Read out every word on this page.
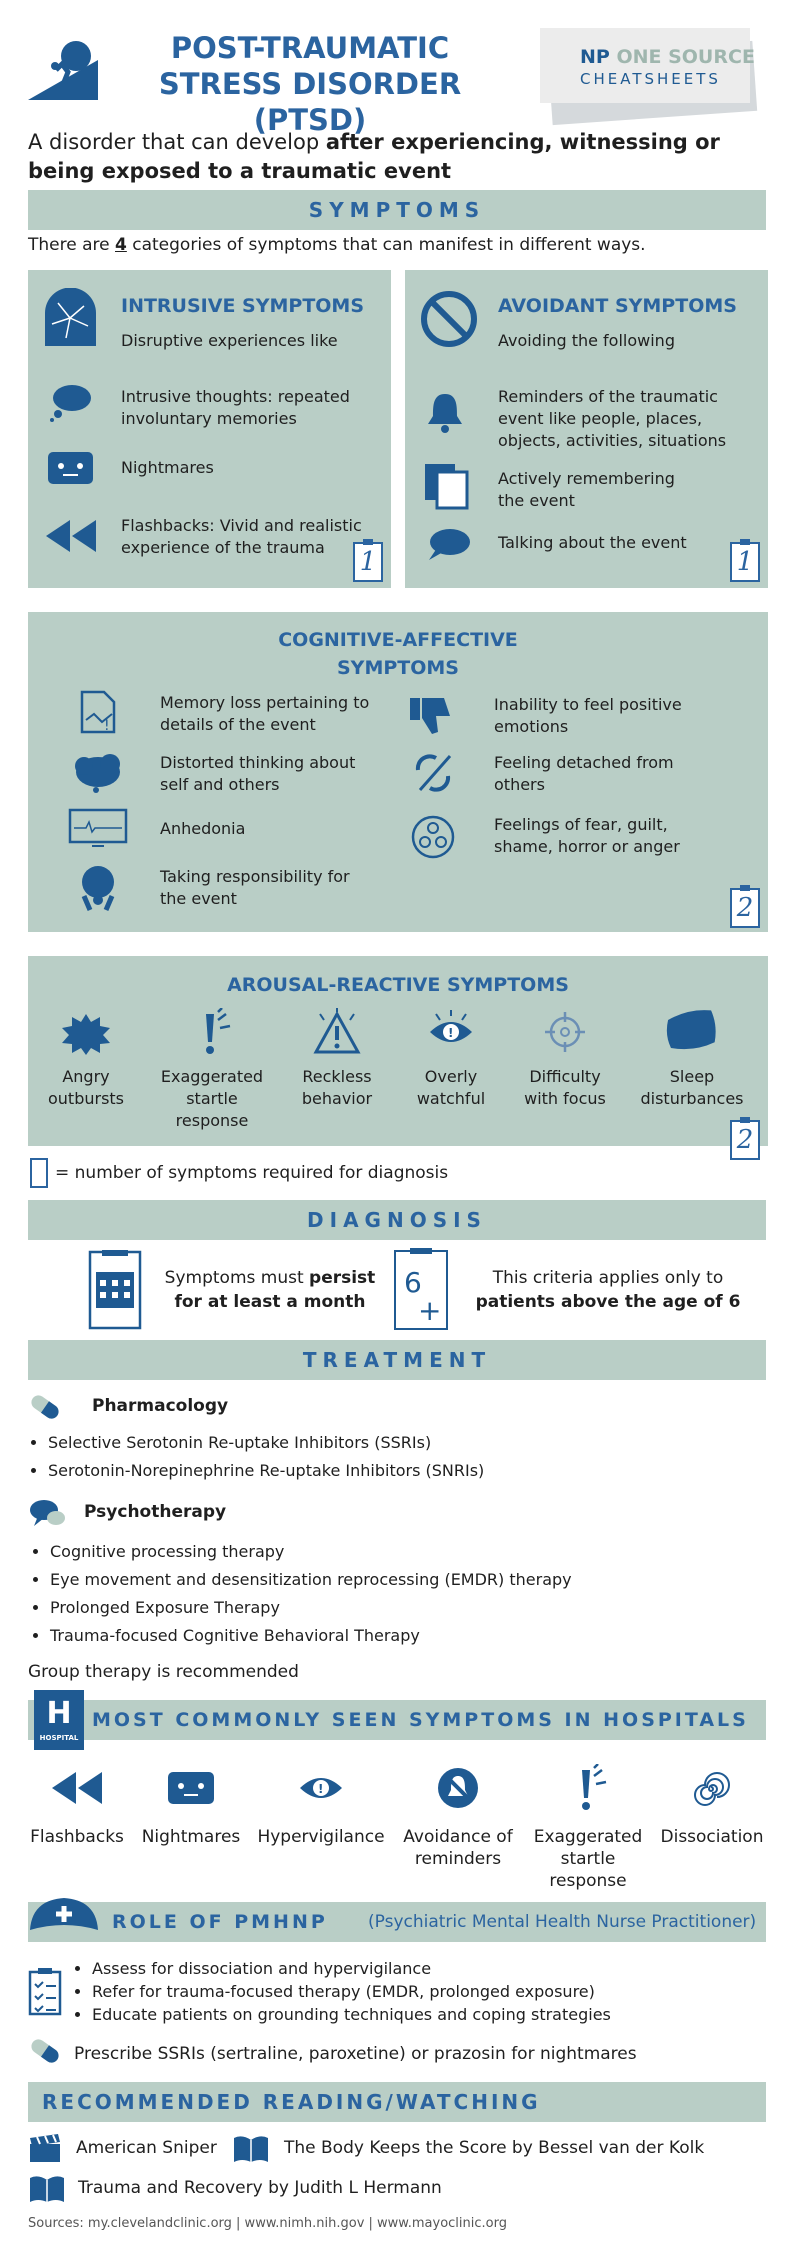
POST-TRAUMATIC
STRESS DISORDER (PTSD)
NP ONE SOURCE
CHEATSHEETS
A disorder that can develop after experiencing, witnessing or being exposed to a traumatic event
SYMPTOMS
There are 4 categories of symptoms that can manifest in different ways.
INTRUSIVE SYMPTOMS
Disruptive experiences like
Intrusive thoughts: repeated involuntary memories
Nightmares
Flashbacks: Vivid and realistic experience of the trauma	1
AVOIDANT SYMPTOMS
Avoiding the following
Reminders of the traumatic event like people, places, objects, activities, situations
Actively remembering the event
Talking about the event
1
COGNITIVE-AFFECTIVE
SYMPTOMS
!
Memory loss pertaining to details of the event
Distorted thinking about self and others
Anhedonia
Taking responsibility for the event
Inability to feel positive emotions
Feeling detached from others
Feelings of fear, guilt, shame, horror or anger
2
AROUSAL-REACTIVE SYMPTOMS
!
Angry outbursts
Exaggerated startle response
Reckless behavior
Overly watchful
Difficulty with focus
Sleep disturbances
2
= number of symptoms required for diagnosis
DIAGNOSIS
Symptoms must persist for at least a month
6
+
This criteria applies only to patients above the age of 6
TREATMENT
Pharmacology
• Selective Serotonin Re-uptake Inhibitors (SSRIs)
• Serotonin-Norepinephrine Re-uptake Inhibitors (SNRIs)
Psychotherapy
• Cognitive processing therapy
• Eye movement and desensitization reprocessing (EMDR) therapy
• Prolonged Exposure Therapy
• Trauma-focused Cognitive Behavioral Therapy
Group therapy is recommended
H
HOSPITAL
MOST COMMONLY SEEN SYMPTOMS IN HOSPITALS
!
Flashbacks	Nightmares	Hypervigilance	Avoidance of reminders
Exaggerated startle response
Dissociation
ROLE OF PMHNP (Psychiatric Mental Health Nurse Practitioner)
• Assess for dissociation and hypervigilance
• Refer for trauma-focused therapy (EMDR, prolonged exposure)
• Educate patients on grounding techniques and coping strategies
Prescribe SSRIs (sertraline, paroxetine) or prazosin for nightmares
RECOMMENDED READING/WATCHING
American Sniper	The Body Keeps the Score by Bessel van der Kolk
Trauma and Recovery by Judith L Hermann
Sources: my.clevelandclinic.org | www.nimh.nih.gov | www.mayoclinic.org
